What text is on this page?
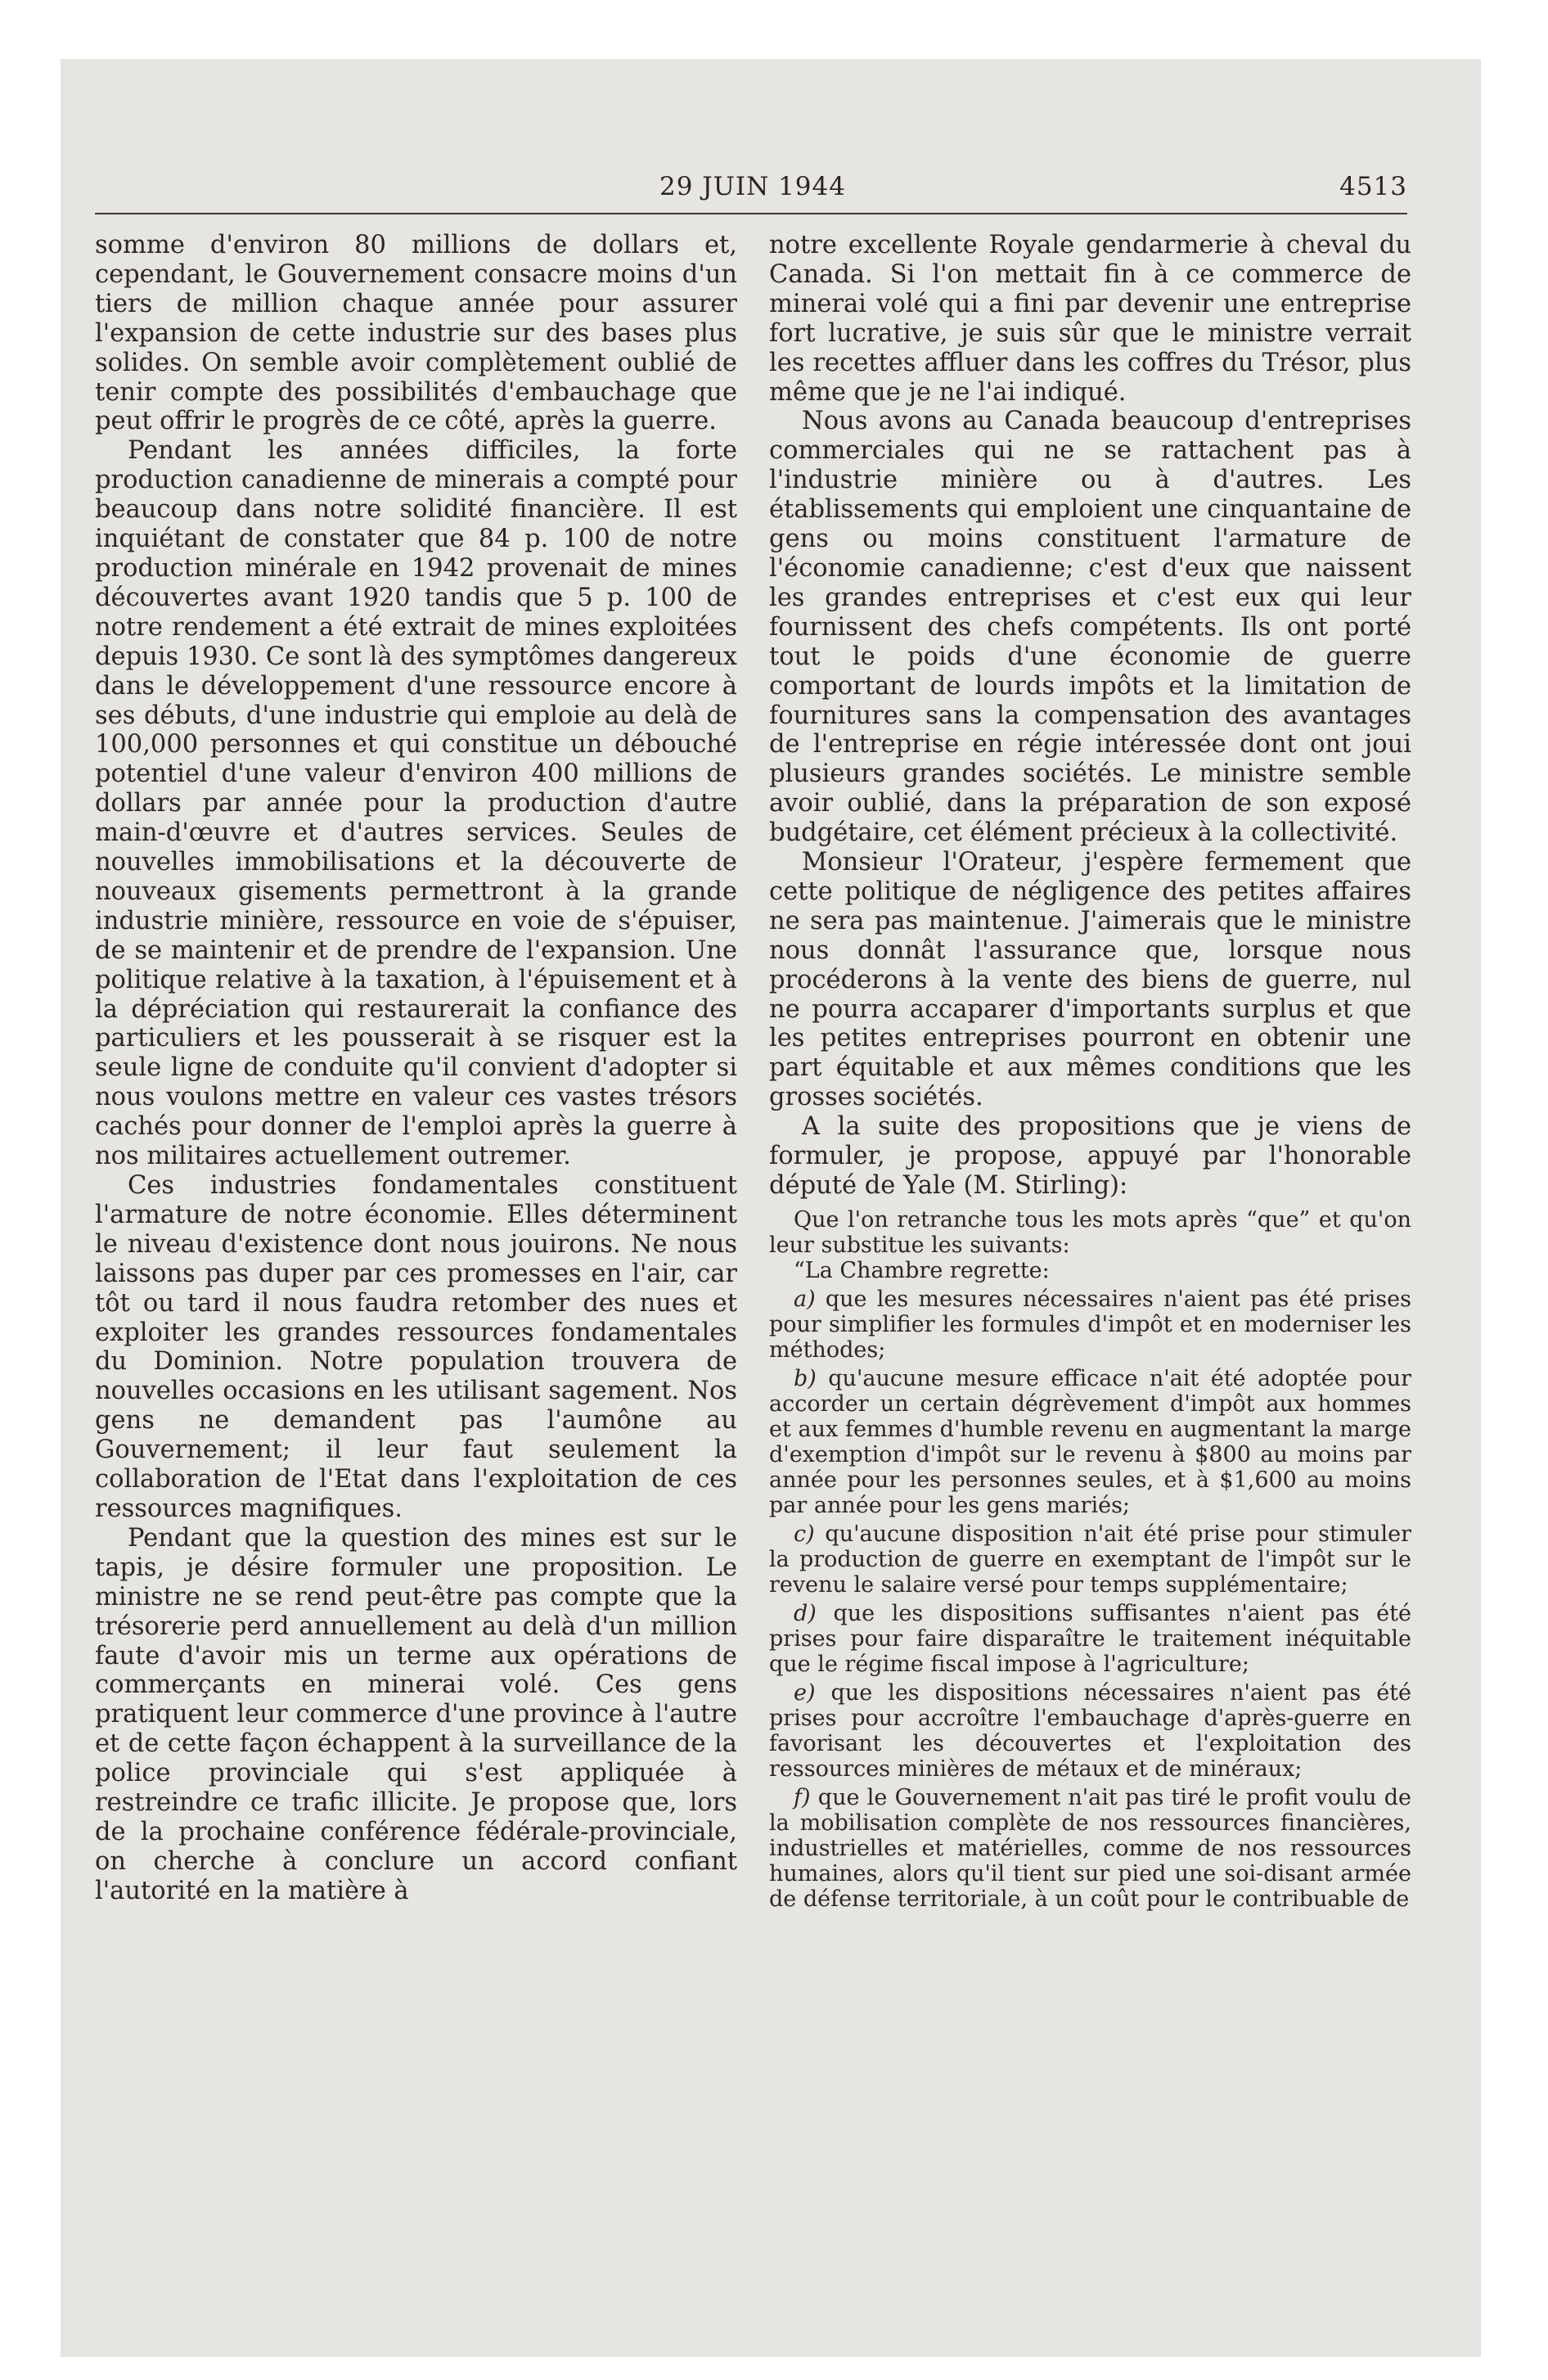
29 JUIN 1944	4513

somme d'environ 80 millions de dollars et, cependant, le Gouvernement consacre moins d'un tiers de million chaque année pour assurer l'expansion de cette industrie sur des bases plus solides. On semble avoir complètement oublié de tenir compte des possibilités d'embauchage que peut offrir le progrès de ce côté, après la guerre.

Pendant les années difficiles, la forte production canadienne de minerais a compté pour beaucoup dans notre solidité financière. Il est inquiétant de constater que 84 p. 100 de notre production minérale en 1942 provenait de mines découvertes avant 1920 tandis que 5 p. 100 de notre rendement a été extrait de mines exploitées depuis 1930. Ce sont là des symptômes dangereux dans le développement d'une ressource encore à ses débuts, d'une industrie qui emploie au delà de 100,000 personnes et qui constitue un débouché potentiel d'une valeur d'environ 400 millions de dollars par année pour la production d'autre main-d'œuvre et d'autres services. Seules de nouvelles immobilisations et la découverte de nouveaux gisements permettront à la grande industrie minière, ressource en voie de s'épuiser, de se maintenir et de prendre de l'expansion. Une politique relative à la taxation, à l'épuisement et à la dépréciation qui restaurerait la confiance des particuliers et les pousserait à se risquer est la seule ligne de conduite qu'il convient d'adopter si nous voulons mettre en valeur ces vastes trésors cachés pour donner de l'emploi après la guerre à nos militaires actuellement outremer.

Ces industries fondamentales constituent l'armature de notre économie. Elles déterminent le niveau d'existence dont nous jouirons. Ne nous laissons pas duper par ces promesses en l'air, car tôt ou tard il nous faudra retomber des nues et exploiter les grandes ressources fondamentales du Dominion. Notre population trouvera de nouvelles occasions en les utilisant sagement. Nos gens ne demandent pas l'aumône au Gouvernement; il leur faut seulement la collaboration de l'Etat dans l'exploitation de ces ressources magnifiques.

Pendant que la question des mines est sur le tapis, je désire formuler une proposition. Le ministre ne se rend peut-être pas compte que la trésorerie perd annuellement au delà d'un million faute d'avoir mis un terme aux opérations de commerçants en minerai volé. Ces gens pratiquent leur commerce d'une province à l'autre et de cette façon échappent à la surveillance de la police provinciale qui s'est appliquée à restreindre ce trafic illicite. Je propose que, lors de la prochaine conférence fédérale-provinciale, on cherche à conclure un accord confiant l'autorité en la matière à

notre excellente Royale gendarmerie à cheval du Canada. Si l'on mettait fin à ce commerce de minerai volé qui a fini par devenir une entreprise fort lucrative, je suis sûr que le ministre verrait les recettes affluer dans les coffres du Trésor, plus même que je ne l'ai indiqué.

Nous avons au Canada beaucoup d'entreprises commerciales qui ne se rattachent pas à l'industrie minière ou à d'autres. Les établissements qui emploient une cinquantaine de gens ou moins constituent l'armature de l'économie canadienne; c'est d'eux que naissent les grandes entreprises et c'est eux qui leur fournissent des chefs compétents. Ils ont porté tout le poids d'une économie de guerre comportant de lourds impôts et la limitation de fournitures sans la compensation des avantages de l'entreprise en régie intéressée dont ont joui plusieurs grandes sociétés. Le ministre semble avoir oublié, dans la préparation de son exposé budgétaire, cet élément précieux à la collectivité.

Monsieur l'Orateur, j'espère fermement que cette politique de négligence des petites affaires ne sera pas maintenue. J'aimerais que le ministre nous donnât l'assurance que, lorsque nous procéderons à la vente des biens de guerre, nul ne pourra accaparer d'importants surplus et que les petites entreprises pourront en obtenir une part équitable et aux mêmes conditions que les grosses sociétés.

A la suite des propositions que je viens de formuler, je propose, appuyé par l'honorable député de Yale (M. Stirling):

Que l'on retranche tous les mots après “que” et qu'on leur substitue les suivants:

“La Chambre regrette:

a) que les mesures nécessaires n'aient pas été prises pour simplifier les formules d'impôt et en moderniser les méthodes;

b) qu'aucune mesure efficace n'ait été adoptée pour accorder un certain dégrèvement d'impôt aux hommes et aux femmes d'humble revenu en augmentant la marge d'exemption d'impôt sur le revenu à $800 au moins par année pour les personnes seules, et à $1,600 au moins par année pour les gens mariés;

c) qu'aucune disposition n'ait été prise pour stimuler la production de guerre en exemptant de l'impôt sur le revenu le salaire versé pour temps supplémentaire;

d) que les dispositions suffisantes n'aient pas été prises pour faire disparaître le traitement inéquitable que le régime fiscal impose à l'agriculture;

e) que les dispositions nécessaires n'aient pas été prises pour accroître l'embauchage d'après-guerre en favorisant les découvertes et l'exploitation des ressources minières de métaux et de minéraux;

f) que le Gouvernement n'ait pas tiré le profit voulu de la mobilisation complète de nos ressources financières, industrielles et matérielles, comme de nos ressources humaines, alors qu'il tient sur pied une soi-disant armée de défense territoriale, à un coût pour le contribuable de
